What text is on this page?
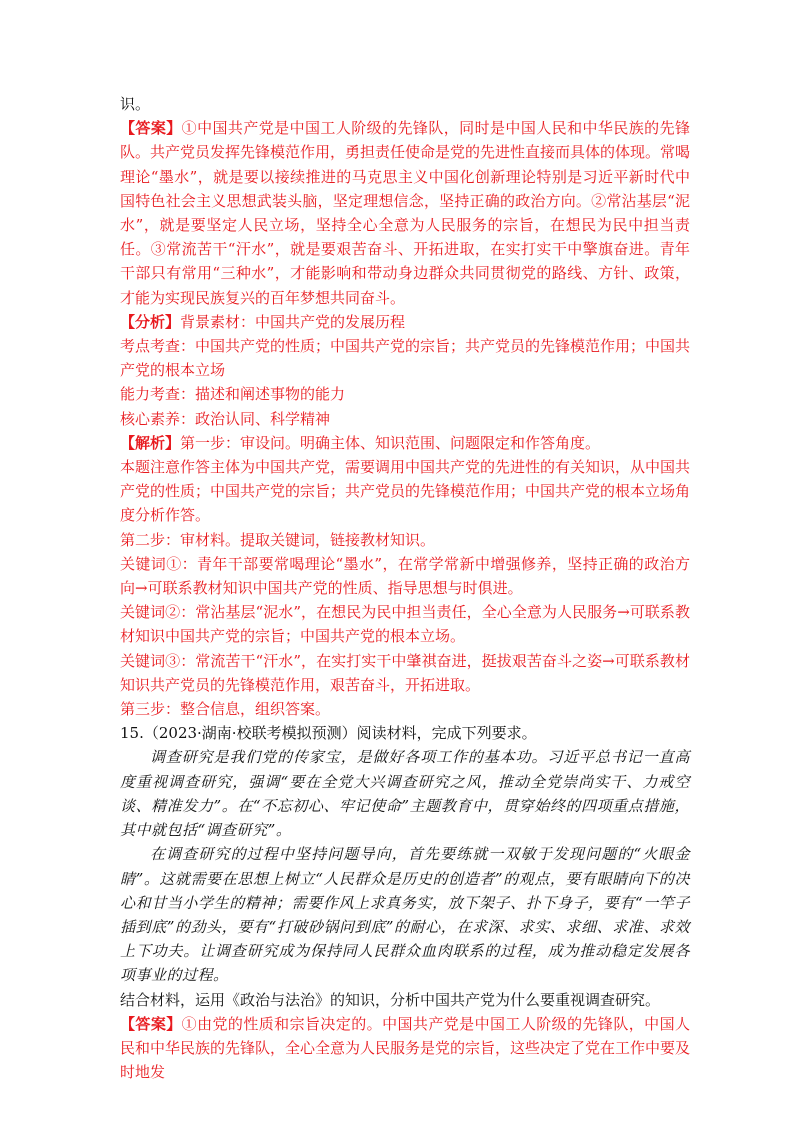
识。

【答案】①中国共产党是中国工人阶级的先锋队，同时是中国人民和中华民族的先锋队。共产党员发挥先锋模范作用，勇担责任使命是党的先进性直接而具体的体现。常喝理论“墨水”，就是要以接续推进的马克思主义中国化创新理论特别是习近平新时代中国特色社会主义思想武装头脑，坚定理想信念，坚持正确的政治方向。②常沾基层“泥水”，就是要坚定人民立场，坚持全心全意为人民服务的宗旨，在想民为民中担当责任。③常流苦干“汗水”，就是要艰苦奋斗、开拓进取，在实打实干中擎旗奋进。青年干部只有常用“三种水”，才能影响和带动身边群众共同贯彻党的路线、方针、政策，才能为实现民族复兴的百年梦想共同奋斗。

【分析】背景素材：中国共产党的发展历程

考点考查：中国共产党的性质；中国共产党的宗旨；共产党员的先锋模范作用；中国共产党的根本立场

能力考查：描述和阐述事物的能力

核心素养：政治认同、科学精神

【解析】第一步：审设问。明确主体、知识范围、问题限定和作答角度。

本题注意作答主体为中国共产党，需要调用中国共产党的先进性的有关知识，从中国共产党的性质；中国共产党的宗旨；共产党员的先锋模范作用；中国共产党的根本立场角度分析作答。

第二步：审材料。提取关键词，链接教材知识。

关键词①：青年干部要常喝理论“墨水”，在常学常新中增强修养，坚持正确的政治方向→可联系教材知识中国共产党的性质、指导思想与时俱进。

关键词②：常沾基层“泥水”，在想民为民中担当责任，全心全意为人民服务→可联系教材知识中国共产党的宗旨；中国共产党的根本立场。

关键词③：常流苦干“汗水”，在实打实干中肇祺奋进，挺拔艰苦奋斗之姿→可联系教材知识共产党员的先锋模范作用，艰苦奋斗，开拓进取。

第三步：整合信息，组织答案。

15.（2023·湖南·校联考模拟预测）阅读材料，完成下列要求。

调查研究是我们党的传家宝，是做好各项工作的基本功。习近平总书记一直高度重视调查研究，强调“要在全党大兴调查研究之风，推动全党崇尚实干、力戒空谈、精准发力”。在“不忘初心、牢记使命”主题教育中，贯穿始终的四项重点措施，其中就包括“调查研究”。

在调查研究的过程中坚持问题导向，首先要练就一双敏于发现问题的“火眼金睛”。这就需要在思想上树立“人民群众是历史的创造者”的观点，要有眼睛向下的决心和甘当小学生的精神；需要作风上求真务实，放下架子、扑下身子，要有“一竿子插到底”的劲头，要有“打破砂锅问到底”的耐心，在求深、求实、求细、求准、求效上下功夫。让调查研究成为保持同人民群众血肉联系的过程，成为推动稳定发展各项事业的过程。

结合材料，运用《政治与法治》的知识，分析中国共产党为什么要重视调查研究。

【答案】①由党的性质和宗旨决定的。中国共产党是中国工人阶级的先锋队，中国人民和中华民族的先锋队，全心全意为人民服务是党的宗旨，这些决定了党在工作中要及时地发
